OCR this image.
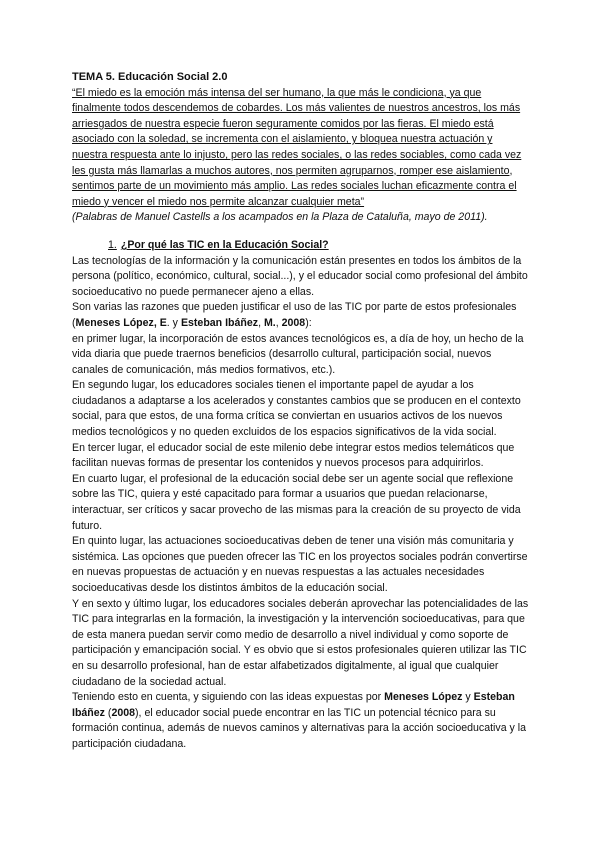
TEMA 5. Educación Social 2.0
“El miedo es la emoción más intensa del ser humano, la que más le condiciona, ya que finalmente todos descendemos de cobardes. Los más valientes de nuestros ancestros, los más arriesgados de nuestra especie fueron seguramente comidos por las fieras. El miedo está asociado con la soledad, se incrementa con el aislamiento, y bloquea nuestra actuación y nuestra respuesta ante lo injusto, pero las redes sociales, o las redes sociables, como cada vez les gusta más llamarlas a muchos autores, nos permiten agruparnos, romper ese aislamiento, sentimos parte de un movimiento más amplio. Las redes sociales luchan eficazmente contra el miedo y vencer el miedo nos permite alcanzar cualquier meta”
(Palabras de Manuel Castells a los acampados en la Plaza de Cataluña, mayo de 2011).
1. ¿Por qué las TIC en la Educación Social?

Las tecnologías de la información y la comunicación están presentes en todos los ámbitos de la persona (político, económico, cultural, social...), y el educador social como profesional del ámbito socioeducativo no puede permanecer ajeno a ellas.

Son varias las razones que pueden justificar el uso de las TIC por parte de estos profesionales (Meneses López, E. y Esteban Ibáñez, M., 2008):

en primer lugar, la incorporación de estos avances tecnológicos es, a día de hoy, un hecho de la vida diaria que puede traernos beneficios (desarrollo cultural, participación social, nuevos canales de comunicación, más medios formativos, etc.).

En segundo lugar, los educadores sociales tienen el importante papel de ayudar a los ciudadanos a adaptarse a los acelerados y constantes cambios que se producen en el contexto social, para que estos, de una forma crítica se conviertan en usuarios activos de los nuevos medios tecnológicos y no queden excluidos de los espacios significativos de la vida social.

En tercer lugar, el educador social de este milenio debe integrar estos medios telemáticos que facilitan nuevas formas de presentar los contenidos y nuevos procesos para adquirirlos.

En cuarto lugar, el profesional de la educación social debe ser un agente social que reflexione sobre las TIC, quiera y esté capacitado para formar a usuarios que puedan relacionarse, interactuar, ser críticos y sacar provecho de las mismas para la creación de su proyecto de vida futuro.

En quinto lugar, las actuaciones socioeducativas deben de tener una visión más comunitaria y sistémica. Las opciones que pueden ofrecer las TIC en los proyectos sociales podrán convertirse en nuevas propuestas de actuación y en nuevas respuestas a las actuales necesidades socioeducativas desde los distintos ámbitos de la educación social.

Y en sexto y último lugar, los educadores sociales deberán aprovechar las potencialidades de las TIC para integrarlas en la formación, la investigación y la intervención socioeducativas, para que de esta manera puedan servir como medio de desarrollo a nivel individual y como soporte de participación y emancipación social. Y es obvio que si estos profesionales quieren utilizar las TIC en su desarrollo profesional, han de estar alfabetizados digitalmente, al igual que cualquier ciudadano de la sociedad actual.

Teniendo esto en cuenta, y siguiendo con las ideas expuestas por Meneses López y Esteban Ibáñez (2008), el educador social puede encontrar en las TIC un potencial técnico para su formación continua, además de nuevos caminos y alternativas para la acción socioeducativa y la participación ciudadana.
